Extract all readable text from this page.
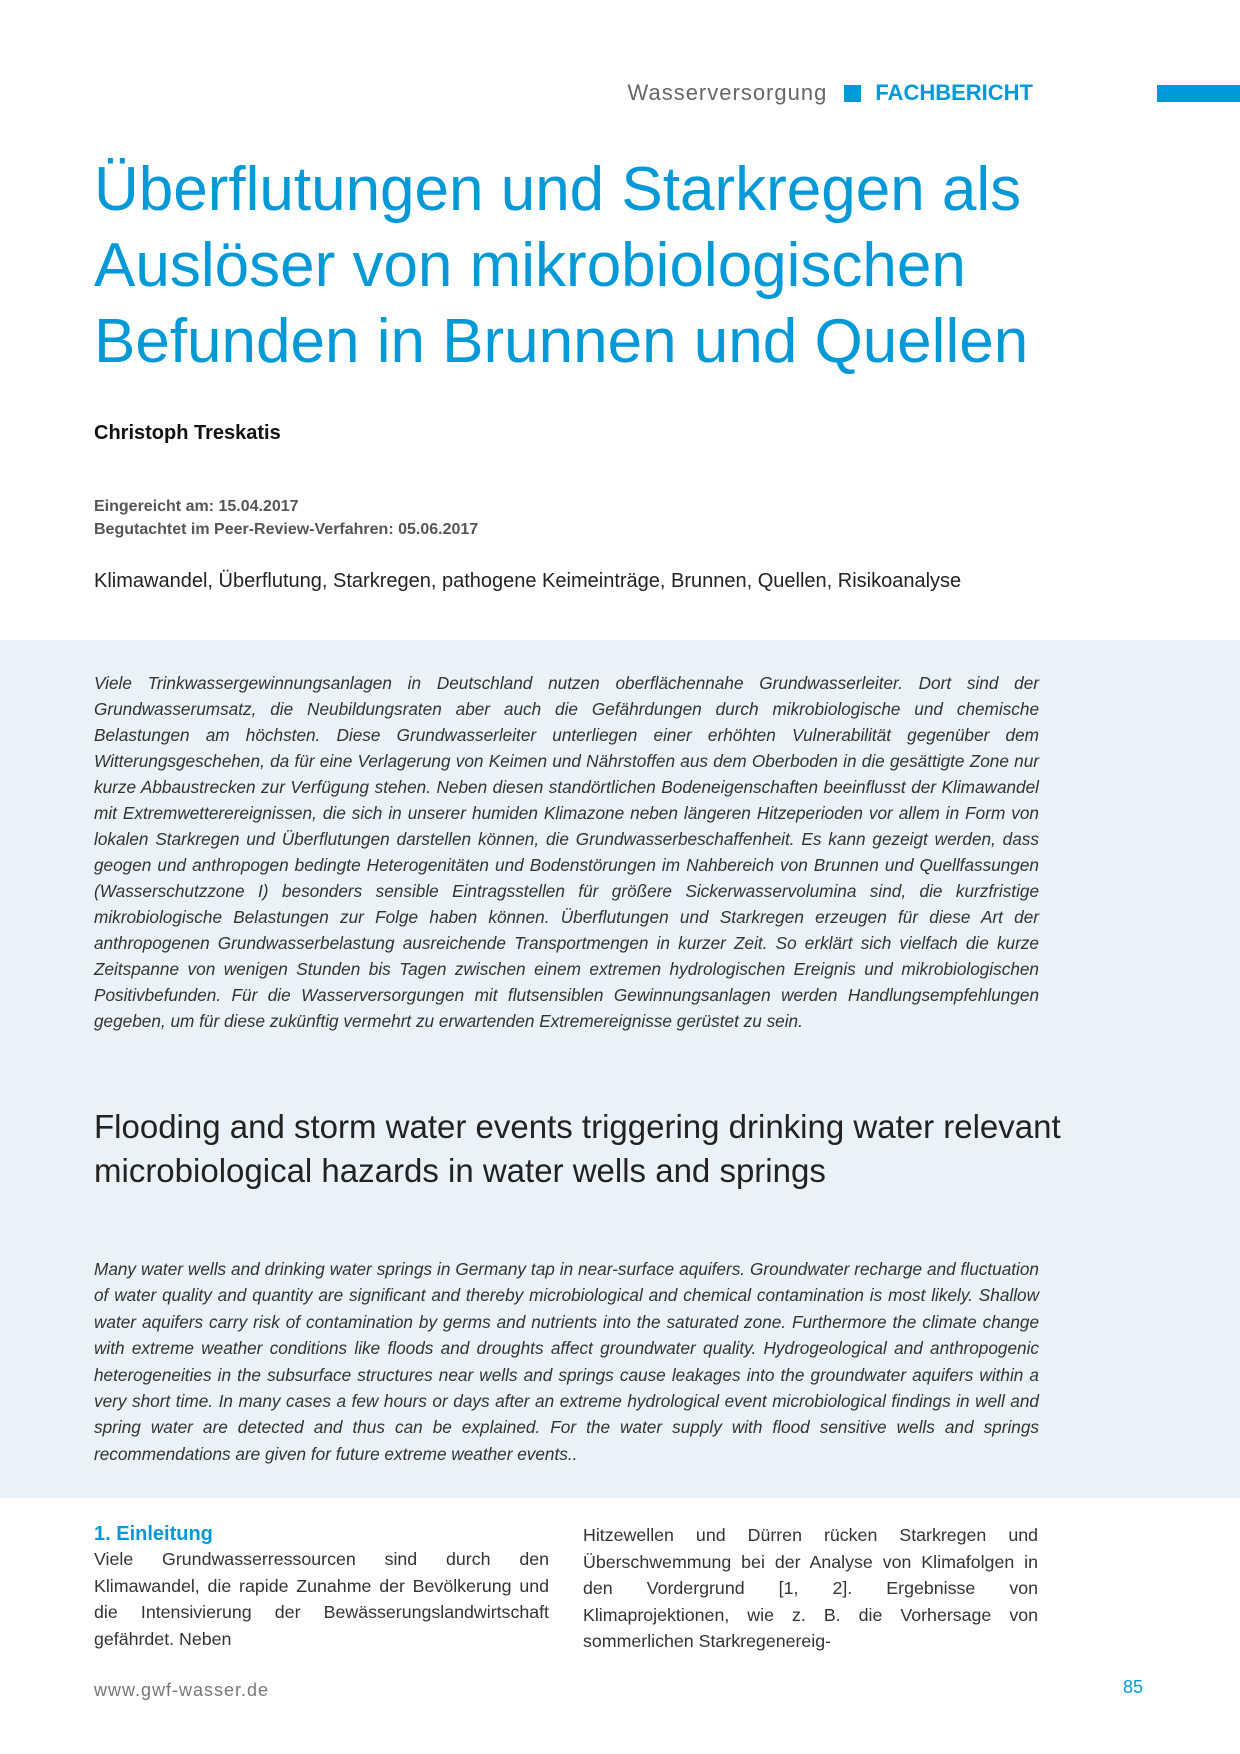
Wasserversorgung FACHBERICHT
Überflutungen und Starkregen als
Auslöser von mikrobiologischen
Befunden in Brunnen und Quellen
Christoph Treskatis
Eingereicht am: 15.04.2017
Begutachtet im Peer-Review-Verfahren: 05.06.2017
Klimawandel, Überflutung, Starkregen, pathogene Keimeinträge, Brunnen, Quellen, Risikoanalyse

Viele Trinkwassergewinnungsanlagen in Deutschland nutzen oberflächennahe Grundwasserleiter. Dort sind der Grundwasserumsatz, die Neubildungsraten aber auch die Gefährdungen durch mikrobiologische und chemische Belastungen am höchsten. Diese Grundwasserleiter unterliegen einer erhöhten Vulnerabilität gegenüber dem Witterungsgeschehen, da für eine Verlagerung von Keimen und Nährstoffen aus dem Oberboden in die gesättigte Zone nur kurze Abbaustrecken zur Verfügung stehen. Neben diesen standörtlichen Bodeneigenschaften beeinflusst der Klimawandel mit Extremwetterereignissen, die sich in unserer humiden Klimazone neben längeren Hitzeperioden vor allem in Form von lokalen Starkregen und Überflutungen darstellen können, die Grundwasserbeschaffenheit. Es kann gezeigt werden, dass geogen und anthropogen bedingte Heterogenitäten und Bodenstörungen im Nahbereich von Brunnen und Quellfassungen (Wasserschutzzone I) besonders sensible Eintragsstellen für größere Sickerwasservolumina sind, die kurzfristige mikrobiologische Belastungen zur Folge haben können. Überflutungen und Starkregen erzeugen für diese Art der anthropogenen Grundwasserbelastung ausreichende Transportmengen in kurzer Zeit. So erklärt sich vielfach die kurze Zeitspanne von wenigen Stunden bis Tagen zwischen einem extremen hydrologischen Ereignis und mikrobiologischen Positivbefunden. Für die Wasserversorgungen mit flutsensiblen Gewinnungsanlagen werden Handlungsempfehlungen gegeben, um für diese zukünftig vermehrt zu erwartenden Extremereignisse gerüstet zu sein.

Flooding and storm water events triggering drinking water relevant
microbiological hazards in water wells and springs

Many water wells and drinking water springs in Germany tap in near-surface aquifers. Groundwater recharge and fluctuation of water quality and quantity are significant and thereby microbiological and chemical contamination is most likely. Shallow water aquifers carry risk of contamination by germs and nutrients into the saturated zone. Furthermore the climate change with extreme weather conditions like floods and droughts affect groundwater quality. Hydrogeological and anthropogenic heterogeneities in the subsurface structures near wells and springs cause leakages into the groundwater aquifers within a very short time. In many cases a few hours or days after an extreme hydrological event microbiological findings in well and spring water are detected and thus can be explained. For the water supply with flood sensitive wells and springs recommendations are given for future extreme weather events..

1. Einleitung

Viele Grundwasserressourcen sind durch den Klimawandel, die rapide Zunahme der Bevölkerung und die Intensivierung der Bewässerungslandwirtschaft gefährdet. Neben

Hitzewellen und Dürren rücken Starkregen und Überschwemmung bei der Analyse von Klimafolgen in den Vordergrund [1, 2]. Ergebnisse von Klimaprojektionen, wie z. B. die Vorhersage von sommerlichen Starkregenereig-

www.gwf-wasser.de	85
